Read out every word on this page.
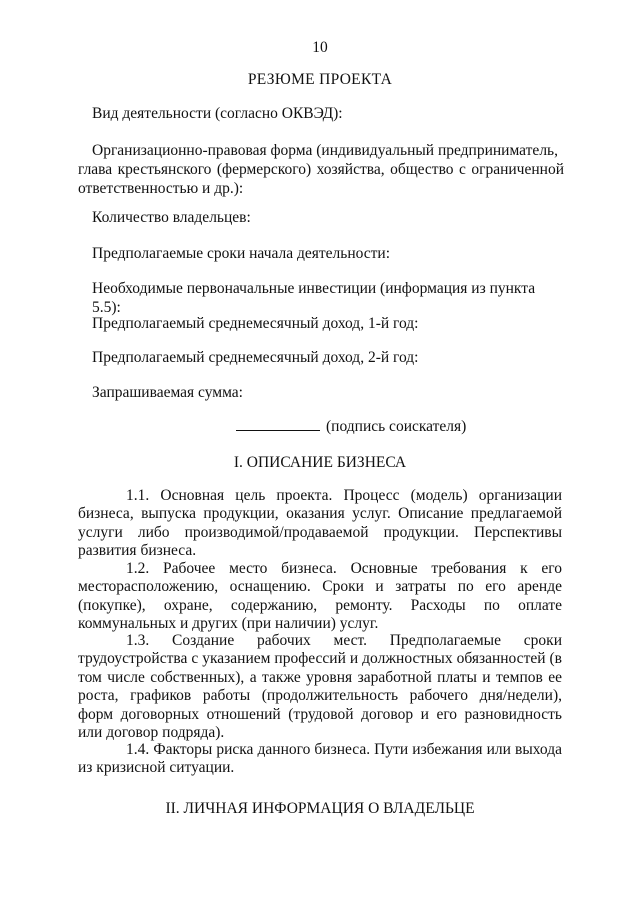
10
РЕЗЮМЕ ПРОЕКТА
Вид деятельности (согласно ОКВЭД):
Организационно-правовая форма (индивидуальный предприниматель,
глава крестьянского (фермерского) хозяйства, общество с ограниченной ответственностью и др.):
Количество владельцев:
Предполагаемые сроки начала деятельности:
Необходимые первоначальные инвестиции (информация из пункта 5.5):
Предполагаемый среднемесячный доход, 1-й год:
Предполагаемый среднемесячный доход, 2-й год:
Запрашиваемая сумма:
(подпись соискателя)
I. ОПИСАНИЕ БИЗНЕСА
1.1. Основная цель проекта. Процесс (модель) организации бизнеса, выпуска продукции, оказания услуг. Описание предлагаемой услуги либо производимой/продаваемой продукции. Перспективы развития бизнеса.
1.2. Рабочее место бизнеса. Основные требования к его месторасположению, оснащению. Сроки и затраты по его аренде (покупке), охране, содержанию, ремонту. Расходы по оплате коммунальных и других (при наличии) услуг.
1.3. Создание рабочих мест. Предполагаемые сроки трудоустройства с указанием профессий и должностных обязанностей (в том числе собственных), а также уровня заработной платы и темпов ее роста, графиков работы (продолжительность рабочего дня/недели), форм договорных отношений (трудовой договор и его разновидность или договор подряда).
1.4. Факторы риска данного бизнеса. Пути избежания или выхода из кризисной ситуации.
II. ЛИЧНАЯ ИНФОРМАЦИЯ О ВЛАДЕЛЬЦЕ
